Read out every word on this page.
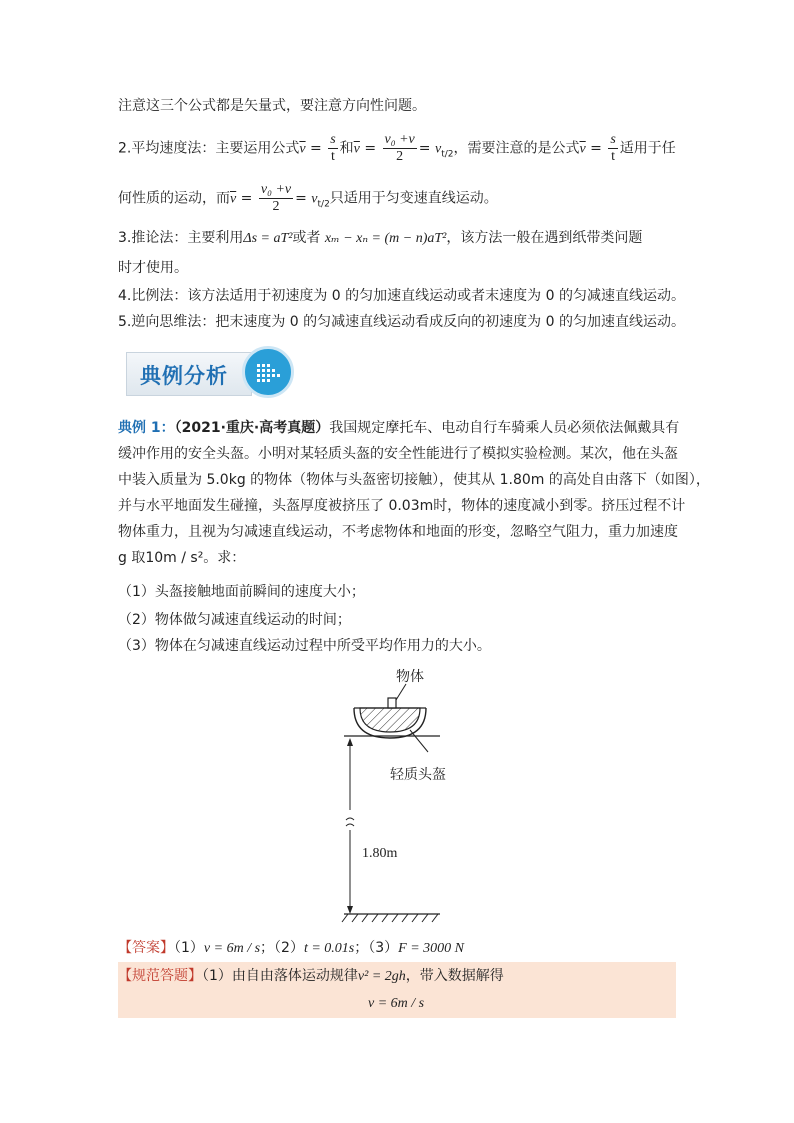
注意这三个公式都是矢量式，要注意方向性问题。
2.平均速度法：主要运用公式$\overline{v} = \frac{s}{t}$ 和$\overline{v} = \frac{\text{v₀ +v}}{2} = v_{t/2}$，需要注意的是公式$\overline{v} = \frac{s}{t}$ 适用于任
何性质的运动，而$\overline{v} = \frac{\text{v₀ +v}}{2} = v_{t/2}$只适用于匀变速直线运动。
3.推论法：主要利用Δs = aT²或者 xₘ − xₙ = (m − n)aT²，该方法一般在遇到纸带类问题
时才使用。
4.比例法：该方法适用于初速度为 0 的匀加速直线运动或者末速度为 0 的匀减速直线运动。
5.逆向思维法：把末速度为 0 的匀减速直线运动看成反向的初速度为 0 的匀加速直线运动。
典例分析
典例 1：（2021·重庆·高考真题）我国规定摩托车、电动自行车骑乘人员必须依法佩戴具有
缓冲作用的安全头盔。小明对某轻质头盔的安全性能进行了模拟实验检测。某次，他在头盔
中装入质量为 5.0kg 的物体（物体与头盔密切接触），使其从 1.80m 的高处自由落下（如图），
并与水平地面发生碰撞，头盔厚度被挤压了 0.03m时，物体的速度减小到零。挤压过程不计
物体重力，且视为匀减速直线运动，不考虑物体和地面的形变，忽略空气阻力，重力加速度
g 取10m / s²。求：
（1）头盔接触地面前瞬间的速度大小；
（2）物体做匀减速直线运动的时间；
（3）物体在匀减速直线运动过程中所受平均作用力的大小。
物体
轻质头盔
1.80m
【答案】（1）v = 6m / s；（2）t = 0.01s；（3）F = 3000 N
【规范答题】（1）由自由落体运动规律v² = 2gh，带入数据解得
v = 6m / s
